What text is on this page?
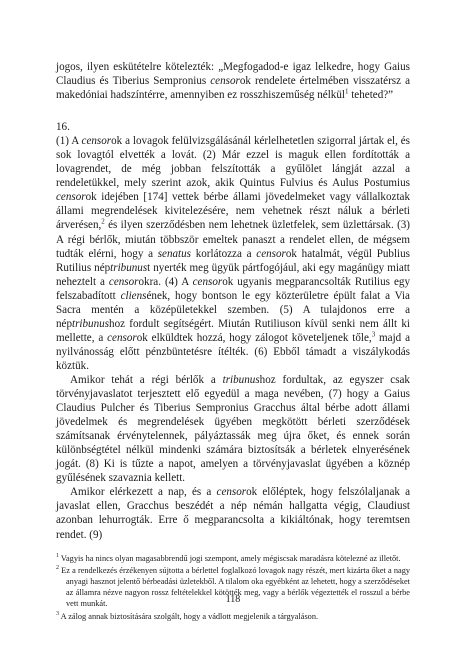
jogos, ilyen eskütételre kötelezték: „Megfogadod-e igaz lelkedre, hogy Gaius Claudius és Tiberius Sempronius censorok rendelete értelmében visszatérsz a makedóniai hadszíntérre, amennyiben ez rosszhiszeműség nélkül$^1$ teheted?”

16.

(1) A censorok a lovagok felülvizsgálásánál kérlelhetetlen szigorral jártak el, és sok lovagtól elvették a lovát. (2) Már ezzel is maguk ellen fordították a lovagrendet, de még jobban felszították a gyűlölet lángját azzal a rendeletükkel, mely szerint azok, akik Quintus Fulvius és Aulus Postumius censorok idejében [174] vettek bérbe állami jövedelmeket vagy vállalkoztak állami megrendelések kivitelezésére, nem vehetnek részt náluk a bérleti árverésen,$^2$ és ilyen szerződésben nem lehetnek üzletfelek, sem üzlettársak. (3) A régi bérlők, miután többször emeltek panaszt a rendelet ellen, de mégsem tudták elérni, hogy a senatus korlátozza a censorok hatalmát, végül Publius Rutilius néptribunust nyerték meg ügyük pártfogójául, aki egy magánügy miatt neheztelt a censorokra. (4) A censorok ugyanis megparancsolták Rutilius egy felszabadított cliensének, hogy bontson le egy közterületre épült falat a Via Sacra mentén a középületekkel szemben. (5) A tulajdonos erre a néptribunushoz fordult segítségért. Miután Rutiliuson kívül senki nem állt ki mellette, a censorok elküldtek hozzá, hogy zálogot követeljenek tőle,$^3$ majd a nyilvánosság előtt pénzbüntetésre ítélték. (6) Ebből támadt a viszálykodás köztük.

Amikor tehát a régi bérlők a tribunushoz fordultak, az egyszer csak törvényjavaslatot terjesztett elő egyedül a maga nevében, (7) hogy a Gaius Claudius Pulcher és Tiberius Sempronius Gracchus által bérbe adott állami jövedelmek és megrendelések ügyében megkötött bérleti szerződések számítsanak érvénytelennek, pályáztassák meg újra őket, és ennek során különbségtétel nélkül mindenki számára biztosítsák a bérletek elnyerésének jogát. (8) Ki is tűzte a napot, amelyen a törvényjavaslat ügyében a köznép gyűlésének szavaznia kellett.

Amikor elérkezett a nap, és a censorok előléptek, hogy felszólaljanak a javaslat ellen, Gracchus beszédét a nép némán hallgatta végig, Claudiust azonban lehurrogták. Erre ő megparancsolta a kikiáltónak, hogy teremtsen rendet. (9)

$^1$ Vagyis ha nincs olyan magasabbrendű jogi szempont, amely mégiscsak maradásra kötelezné az illetőt.

$^2$ Ez a rendelkezés érzékenyen sújtotta a bérlettel foglalkozó lovagok nagy részét, mert kizárta őket a nagy anyagi hasznot jelentő bérbeadási üzletekből. A tilalom oka egyébként az lehetett, hogy a szerződéseket az államra nézve nagyon rossz feltételekkel kötötték meg, vagy a bérlők végeztették el rosszul a bérbe vett munkát.

$^3$ A zálog annak biztosítására szolgált, hogy a vádlott megjelenik a tárgyaláson.

118
